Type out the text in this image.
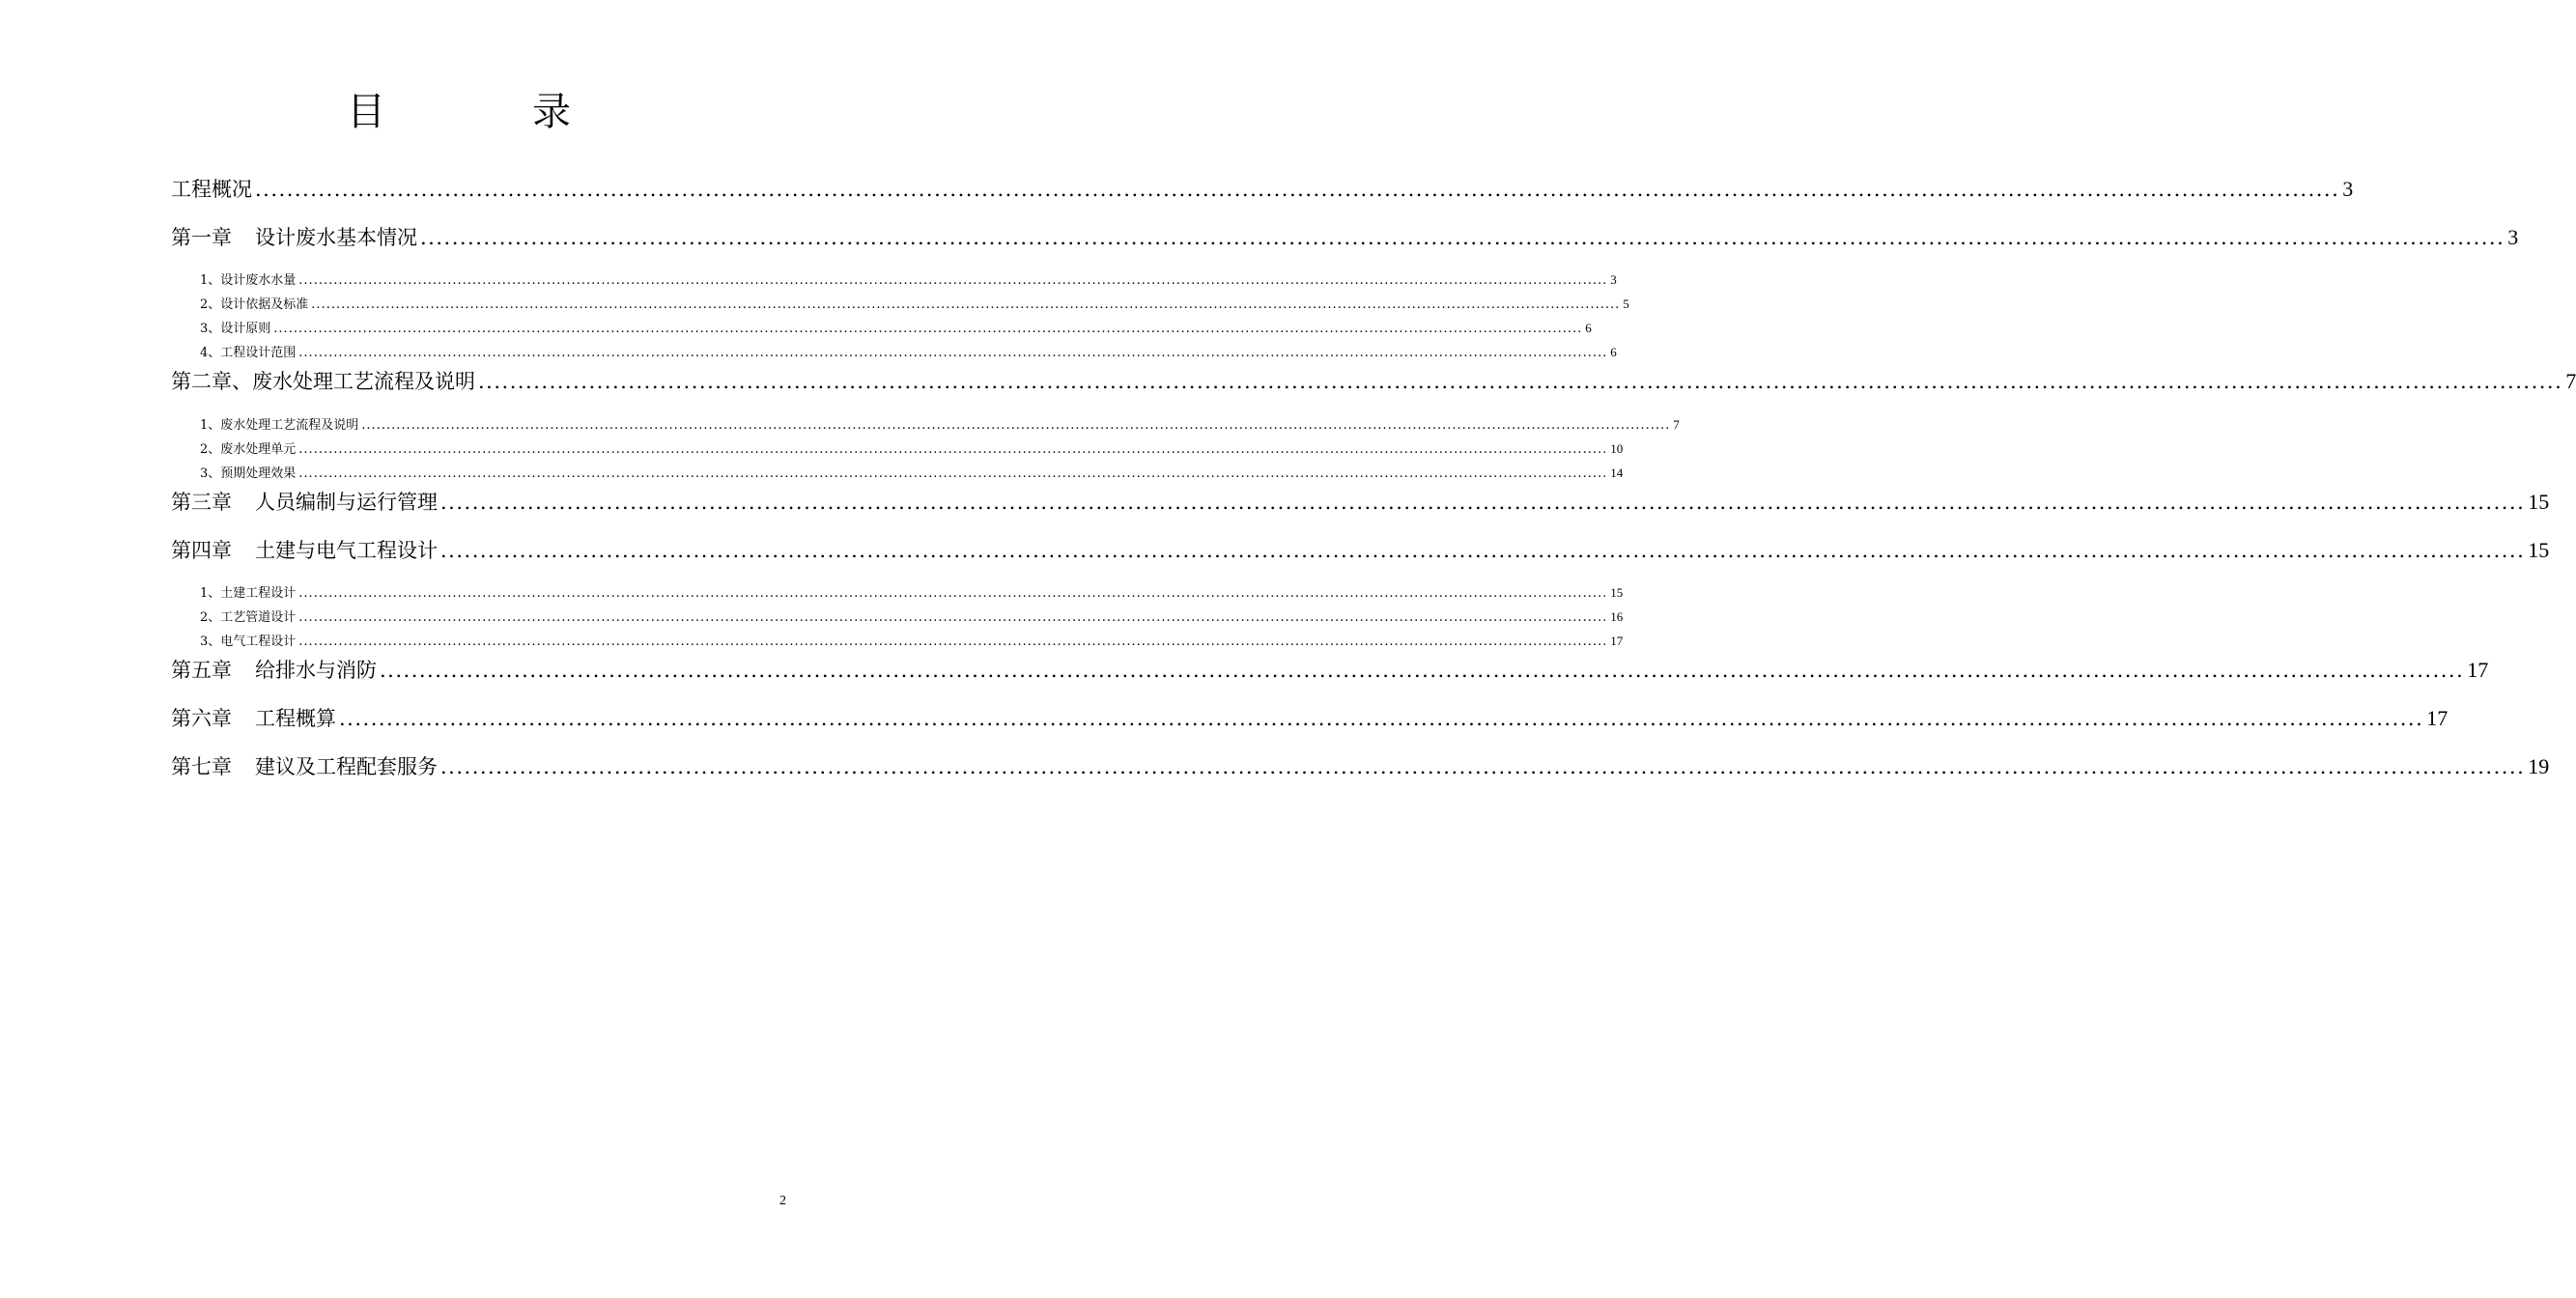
目　录
工程概况 ........................................................................................................................................................................................................................................................................ 3
第一章 设计废水基本情况 ........................................................................................................................................................................................................................................................................ 3
1、设计废水水量 ........................................................................................................................................................................................................................................................................ 3
2、设计依据及标准 ........................................................................................................................................................................................................................................................................ 5
3、设计原则 ........................................................................................................................................................................................................................................................................ 6
4、工程设计范围 ........................................................................................................................................................................................................................................................................ 6
第二章、废水处理工艺流程及说明 ........................................................................................................................................................................................................................................................................ 7
1、废水处理工艺流程及说明 ........................................................................................................................................................................................................................................................................ 7
2、废水处理单元 ........................................................................................................................................................................................................................................................................ 10
3、预期处理效果 ........................................................................................................................................................................................................................................................................ 14
第三章 人员编制与运行管理 ........................................................................................................................................................................................................................................................................ 15
第四章 土建与电气工程设计 ........................................................................................................................................................................................................................................................................ 15
1、土建工程设计 ........................................................................................................................................................................................................................................................................ 15
2、工艺管道设计 ........................................................................................................................................................................................................................................................................ 16
3、电气工程设计 ........................................................................................................................................................................................................................................................................ 17
第五章 给排水与消防 ........................................................................................................................................................................................................................................................................ 17
第六章 工程概算 ........................................................................................................................................................................................................................................................................ 17
第七章 建议及工程配套服务 ........................................................................................................................................................................................................................................................................ 19
2
